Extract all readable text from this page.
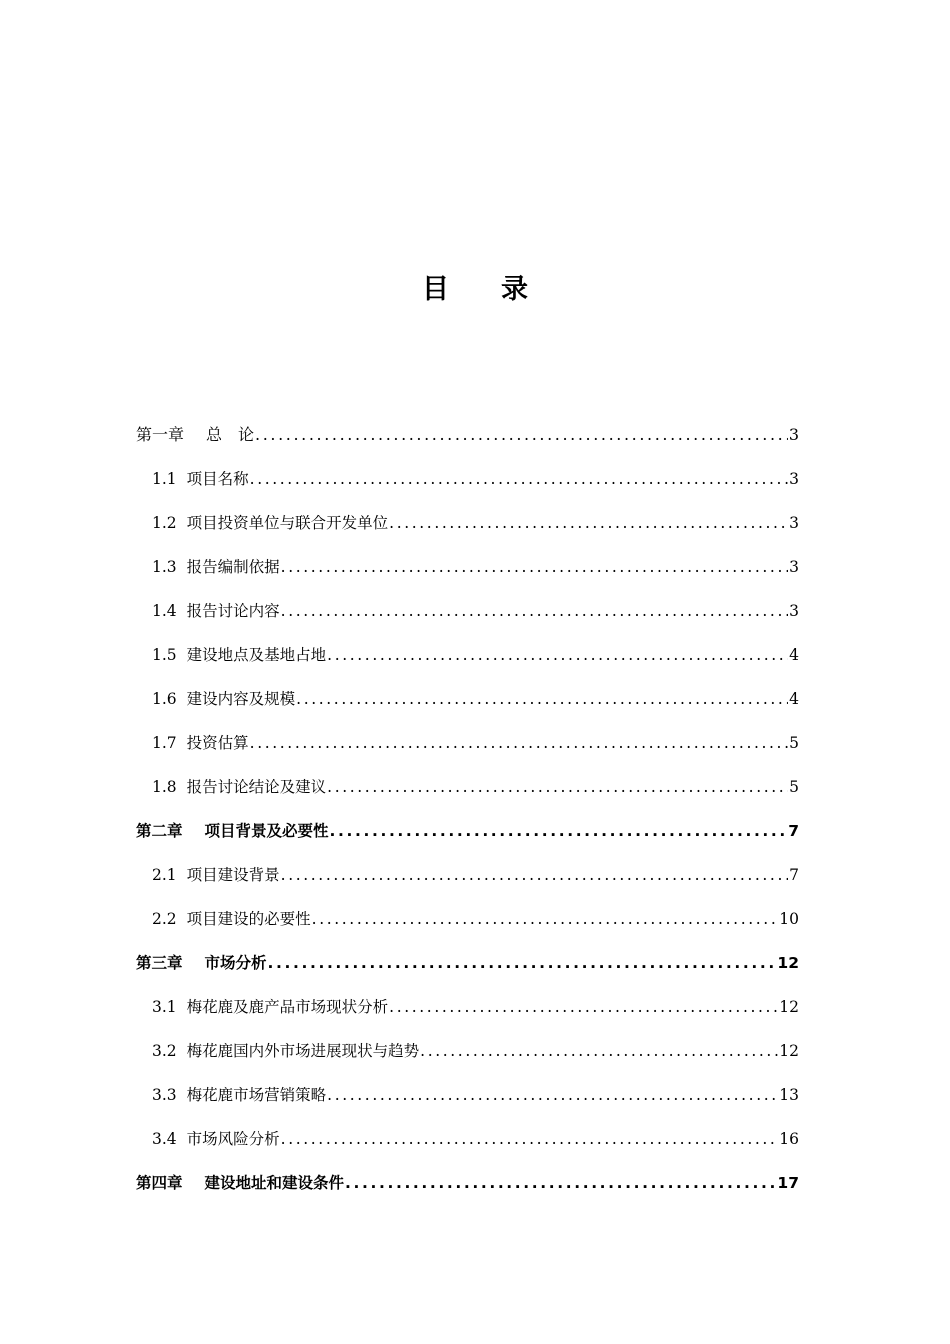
目 录
第一章 总　论 .....	3
1.1 项目名称 .....	3
1.2 项目投资单位与联合开发单位 .....	3
1.3 报告编制依据 .....	3
1.4 报告讨论内容 .....	3
1.5 建设地点及基地占地 .....	4
1.6 建设内容及规模 .....	4
1.7 投资估算 .....	5
1.8 报告讨论结论及建议 .....	5
第二章 项目背景及必要性 .....	7
2.1 项目建设背景 .....	7
2.2 项目建设的必要性 .....	10
第三章 市场分析 .....	12
3.1 梅花鹿及鹿产品市场现状分析 .....	12
3.2 梅花鹿国内外市场进展现状与趋势 .....	12
3.3 梅花鹿市场营销策略 .....	13
3.4 市场风险分析 .....	16
第四章 建设地址和建设条件 .....	17
